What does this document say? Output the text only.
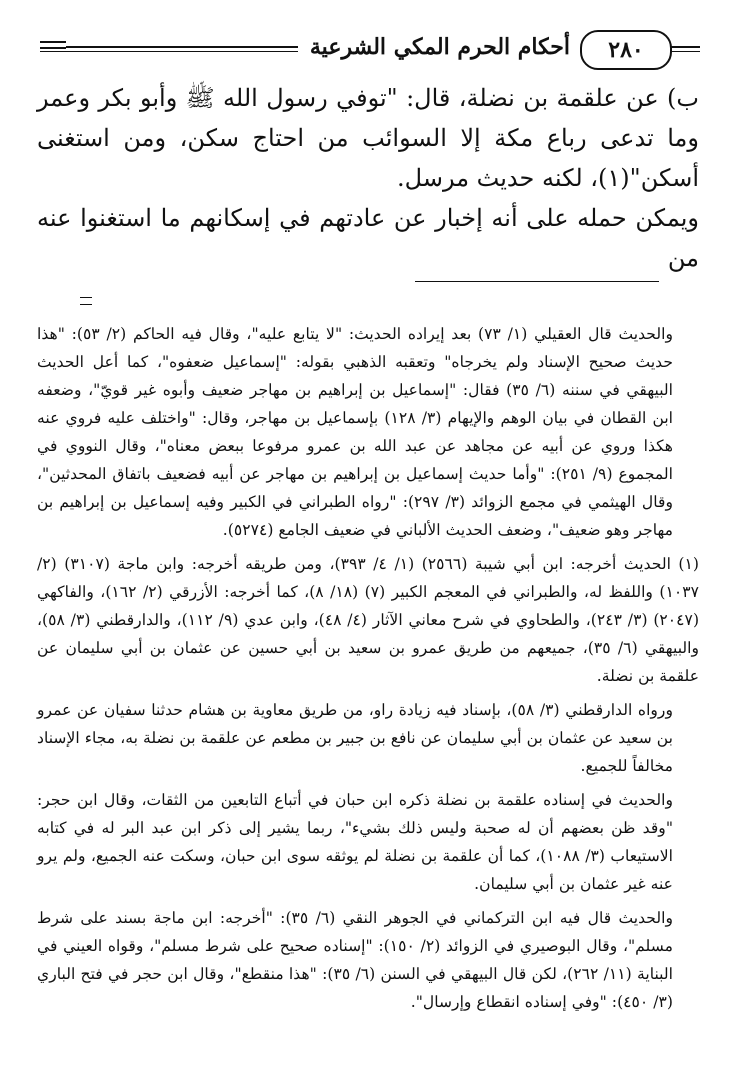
أحكام الحرم المكي الشرعية	٢٨٠

ب) عن علقمة بن نضلة، قال: "توفي رسول الله ﷺ وأبو بكر وعمر وما تدعى رباع مكة إلا السوائب من احتاج سكن، ومن استغنى أسكن"(١)، لكنه حديث مرسل.

ويمكن حمله على أنه إخبار عن عادتهم في إسكانهم ما استغنوا عنه من

والحديث قال العقيلي (١/ ٧٣) بعد إيراده الحديث: "لا يتابع عليه"، وقال فيه الحاكم (٢/ ٥٣): "هذا حديث صحيح الإسناد ولم يخرجاه" وتعقبه الذهبي بقوله: "إسماعيل ضعفوه"، كما أعل الحديث البيهقي في سننه (٦/ ٣٥) فقال: "إسماعيل بن إبراهيم بن مهاجر ضعيف وأبوه غير قويّ"، وضعفه ابن القطان في بيان الوهم والإيهام (٣/ ١٢٨) بإسماعيل بن مهاجر، وقال: "واختلف عليه فروي عنه هكذا وروي عن أبيه عن مجاهد عن عبد الله بن عمرو مرفوعا ببعض معناه"، وقال النووي في المجموع (٩/ ٢٥١): "وأما حديث إسماعيل بن إبراهيم بن مهاجر عن أبيه فضعيف باتفاق المحدثين"، وقال الهيثمي في مجمع الزوائد (٣/ ٢٩٧): "رواه الطبراني في الكبير وفيه إسماعيل بن إبراهيم بن مهاجر وهو ضعيف"، وضعف الحديث الألباني في ضعيف الجامع (٥٢٧٤).

(١) الحديث أخرجه: ابن أبي شيبة (٢٥٦٦) (١/ ٤/ ٣٩٣)، ومن طريقه أخرجه: وابن ماجة (٣١٠٧) (٢/ ١٠٣٧) واللفظ له، والطبراني في المعجم الكبير (٧) (١٨/ ٨)، كما أخرجه: الأزرقي (٢/ ١٦٢)، والفاكهي (٢٠٤٧) (٣/ ٢٤٣)، والطحاوي في شرح معاني الآثار (٤/ ٤٨)، وابن عدي (٩/ ١١٢)، والدارقطني (٣/ ٥٨)، والبيهقي (٦/ ٣٥)، جميعهم من طريق عمرو بن سعيد بن أبي حسين عن عثمان بن أبي سليمان عن علقمة بن نضلة.

ورواه الدارقطني (٣/ ٥٨)، بإسناد فيه زيادة راو، من طريق معاوية بن هشام حدثنا سفيان عن عمرو بن سعيد عن عثمان بن أبي سليمان عن نافع بن جبير بن مطعم عن علقمة بن نضلة به، مجاء الإسناد مخالفاً للجميع.

والحديث في إسناده علقمة بن نضلة ذكره ابن حبان في أتباع التابعين من الثقات، وقال ابن حجر: "وقد ظن بعضهم أن له صحبة وليس ذلك بشيء"، ربما يشير إلى ذكر ابن عبد البر له في كتابه الاستيعاب (٣/ ١٠٨٨)، كما أن علقمة بن نضلة لم يوثقه سوى ابن حبان، وسكت عنه الجميع، ولم يرو عنه غير عثمان بن أبي سليمان.

والحديث قال فيه ابن التركماني في الجوهر النقي (٦/ ٣٥): "أخرجه: ابن ماجة بسند على شرط مسلم"، وقال البوصيري في الزوائد (٢/ ١٥٠): "إسناده صحيح على شرط مسلم"، وقواه العيني في البناية (١١/ ٢٦٢)، لكن قال البيهقي في السنن (٦/ ٣٥): "هذا منقطع"، وقال ابن حجر في فتح الباري (٣/ ٤٥٠): "وفي إسناده انقطاع وإرسال".
